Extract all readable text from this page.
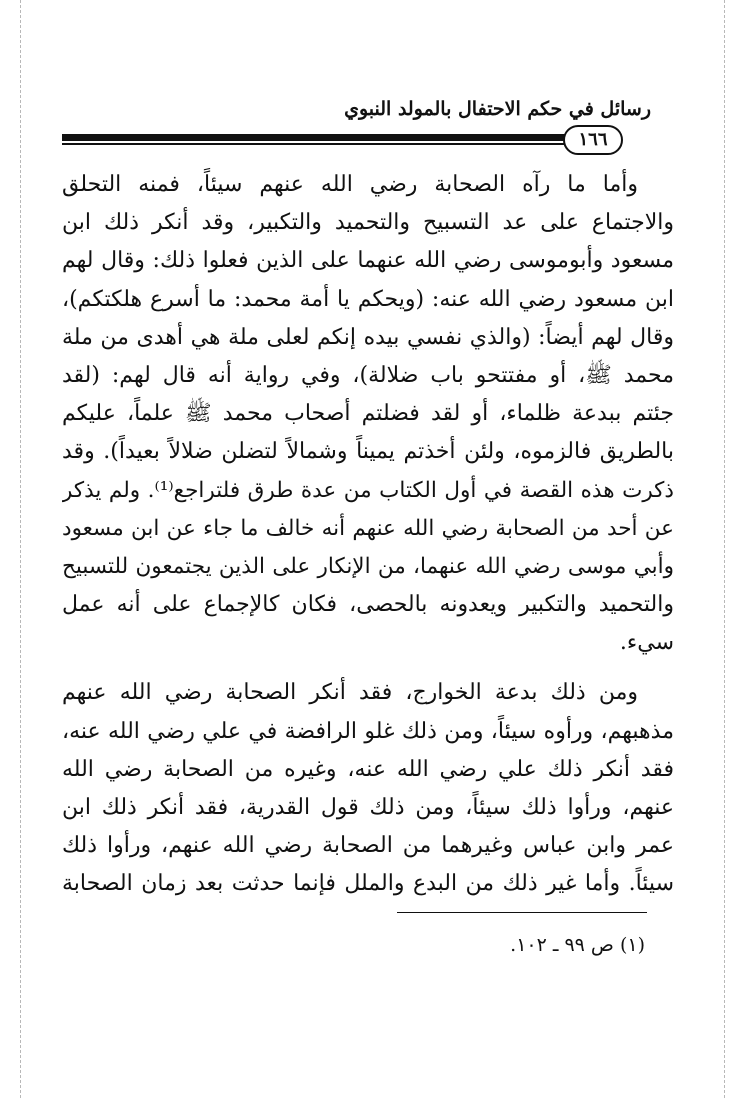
رسائل في حكم الاحتفال بالمولد النبوي
١٦٦
وأما ما رآه الصحابة رضي الله عنهم سيئاً، فمنه التحلق
والاجتماع على عد التسبيح والتحميد والتكبير، وقد أنكر ذلك ابن
مسعود وأبوموسى رضي الله عنهما على الذين فعلوا ذلك: وقال لهم
ابن مسعود رضي الله عنه: (ويحكم يا أمة محمد: ما أسرع هلكتكم)،
وقال لهم أيضاً: (والذي نفسي بيده إنكم لعلى ملة هي أهدى من ملة
محمد ﷺ، أو مفتتحو باب ضلالة)، وفي رواية أنه قال لهم: (لقد
جئتم ببدعة ظلماء، أو لقد فضلتم أصحاب محمد ﷺ علماً، عليكم
بالطريق فالزموه، ولئن أخذتم يميناً وشمالاً لتضلن ضلالاً بعيداً). وقد
ذكرت هذه القصة في أول الكتاب من عدة طرق فلتراجع⁽¹⁾. ولم يذكر
عن أحد من الصحابة رضي الله عنهم أنه خالف ما جاء عن ابن مسعود
وأبي موسى رضي الله عنهما، من الإنكار على الذين يجتمعون للتسبيح
والتحميد والتكبير ويعدونه بالحصى، فكان كالإجماع على أنه عمل
سيء.
ومن ذلك بدعة الخوارج، فقد أنكر الصحابة رضي الله عنهم
مذهبهم، ورأوه سيئاً، ومن ذلك غلو الرافضة في علي رضي الله عنه،
فقد أنكر ذلك علي رضي الله عنه، وغيره من الصحابة رضي الله
عنهم، ورأوا ذلك سيئاً، ومن ذلك قول القدرية، فقد أنكر ذلك ابن
عمر وابن عباس وغيرهما من الصحابة رضي الله عنهم، ورأوا ذلك
سيئاً. وأما غير ذلك من البدع والملل فإنما حدثت بعد زمان الصحابة
(١) ص ٩٩ ـ ١٠٢.
